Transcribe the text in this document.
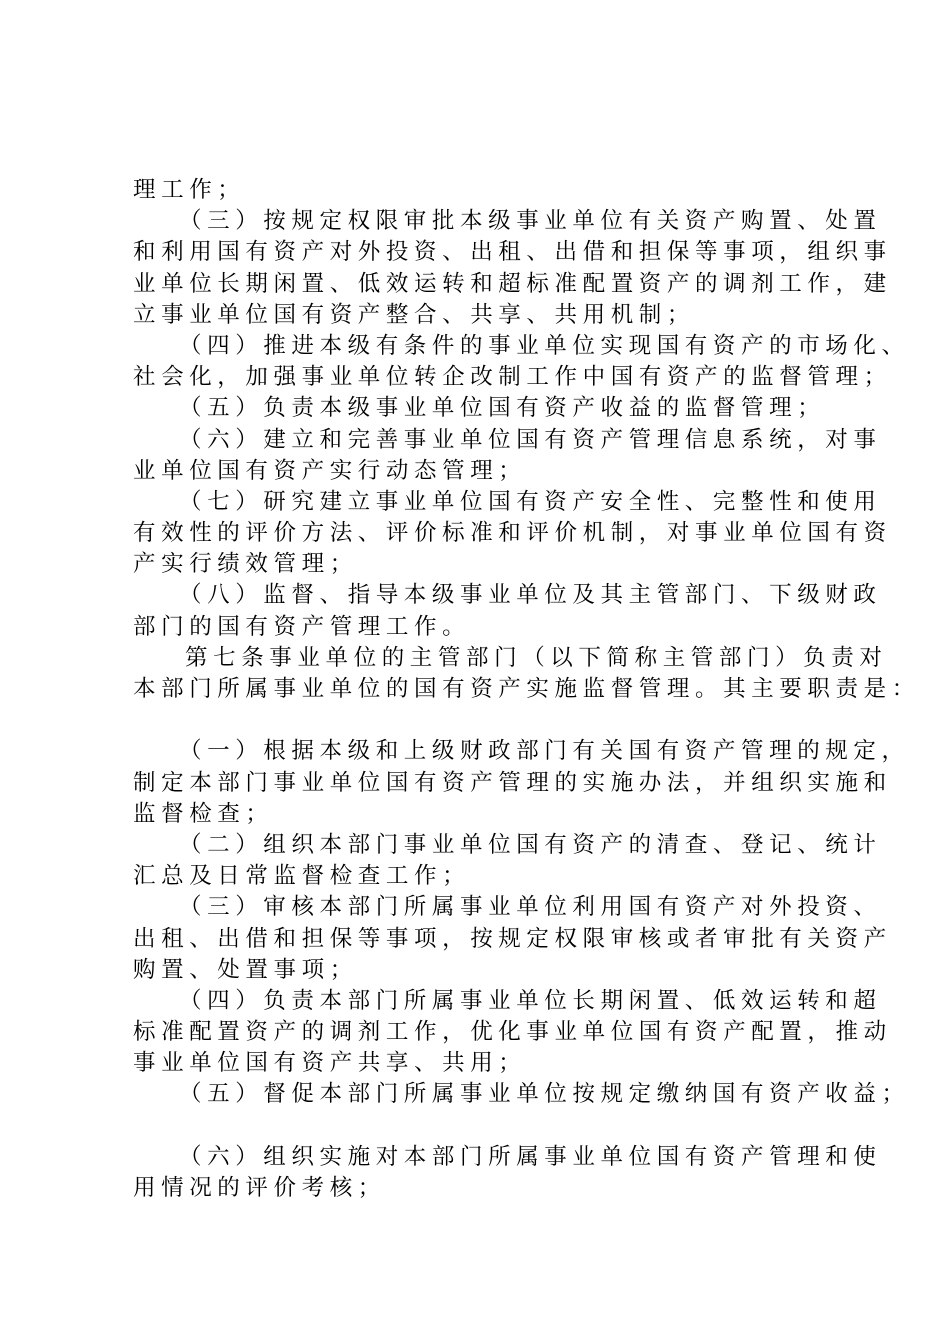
理工作；
（三）按规定权限审批本级事业单位有关资产购置、处置
和利用国有资产对外投资、出租、出借和担保等事项，组织事
业单位长期闲置、低效运转和超标准配置资产的调剂工作，建
立事业单位国有资产整合、共享、共用机制；
（四）推进本级有条件的事业单位实现国有资产的市场化、
社会化，加强事业单位转企改制工作中国有资产的监督管理；
（五）负责本级事业单位国有资产收益的监督管理；
（六）建立和完善事业单位国有资产管理信息系统，对事
业单位国有资产实行动态管理；
（七）研究建立事业单位国有资产安全性、完整性和使用
有效性的评价方法、评价标准和评价机制，对事业单位国有资
产实行绩效管理；
（八）监督、指导本级事业单位及其主管部门、下级财政
部门的国有资产管理工作。
第七条事业单位的主管部门（以下简称主管部门）负责对
本部门所属事业单位的国有资产实施监督管理。其主要职责是：
（一）根据本级和上级财政部门有关国有资产管理的规定，
制定本部门事业单位国有资产管理的实施办法，并组织实施和
监督检查；
（二）组织本部门事业单位国有资产的清查、登记、统计
汇总及日常监督检查工作；
（三）审核本部门所属事业单位利用国有资产对外投资、
出租、出借和担保等事项，按规定权限审核或者审批有关资产
购置、处置事项；
（四）负责本部门所属事业单位长期闲置、低效运转和超
标准配置资产的调剂工作，优化事业单位国有资产配置，推动
事业单位国有资产共享、共用；
（五）督促本部门所属事业单位按规定缴纳国有资产收益；
（六）组织实施对本部门所属事业单位国有资产管理和使
用情况的评价考核；
